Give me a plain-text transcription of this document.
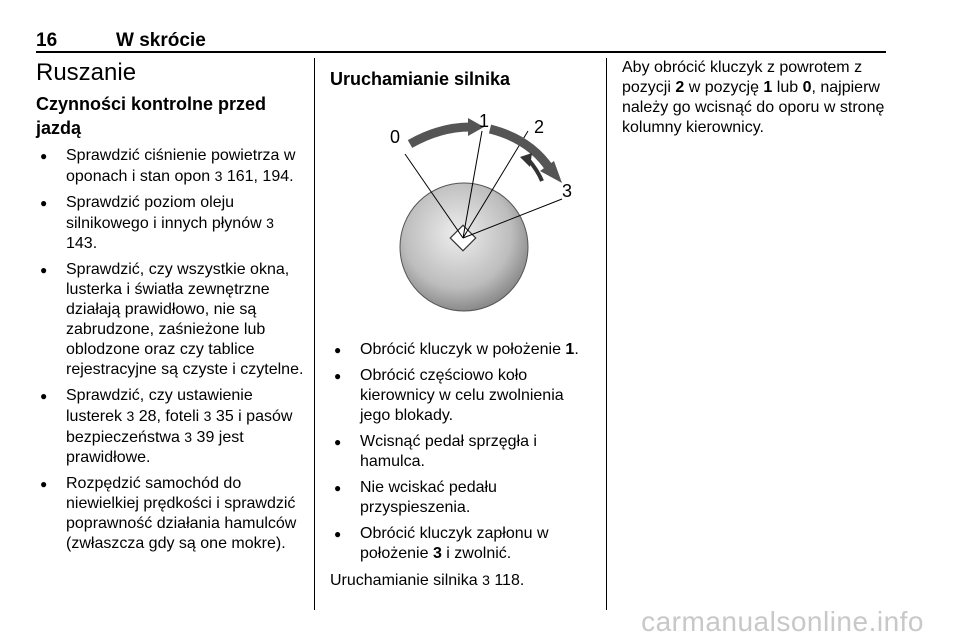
16	W skrócie
Ruszanie
Czynności kontrolne przed jazdą
● Sprawdzić ciśnienie powietrza w oponach i stan opon 3 161, 194.
● Sprawdzić poziom oleju silnikowego i innych płynów 3 143.
● Sprawdzić, czy wszystkie okna, lusterka i światła zewnętrzne działają prawidłowo, nie są zabrudzone, zaśnieżone lub oblodzone oraz czy tablice rejestracyjne są czyste i czytelne.
● Sprawdzić, czy ustawienie lusterek 3 28, foteli 3 35 i pasów bezpieczeństwa 3 39 jest prawidłowe.
● Rozpędzić samochód do niewielkiej prędkości i sprawdzić poprawność działania hamulców (zwłaszcza gdy są one mokre).
Uruchamianie silnika
0
1 2
3
● Obrócić kluczyk w położenie 1.
● Obrócić częściowo koło kierownicy w celu zwolnienia jego blokady.
● Wcisnąć pedał sprzęgła i hamulca.
● Nie wciskać pedału przyspieszenia.
● Obrócić kluczyk zapłonu w położenie 3 i zwolnić.

Uruchamianie silnika 3 118.

Aby obrócić kluczyk z powrotem z pozycji 2 w pozycję 1 lub 0, najpierw należy go wcisnąć do oporu w stronę kolumny kierownicy.

carmanualsonline.info
